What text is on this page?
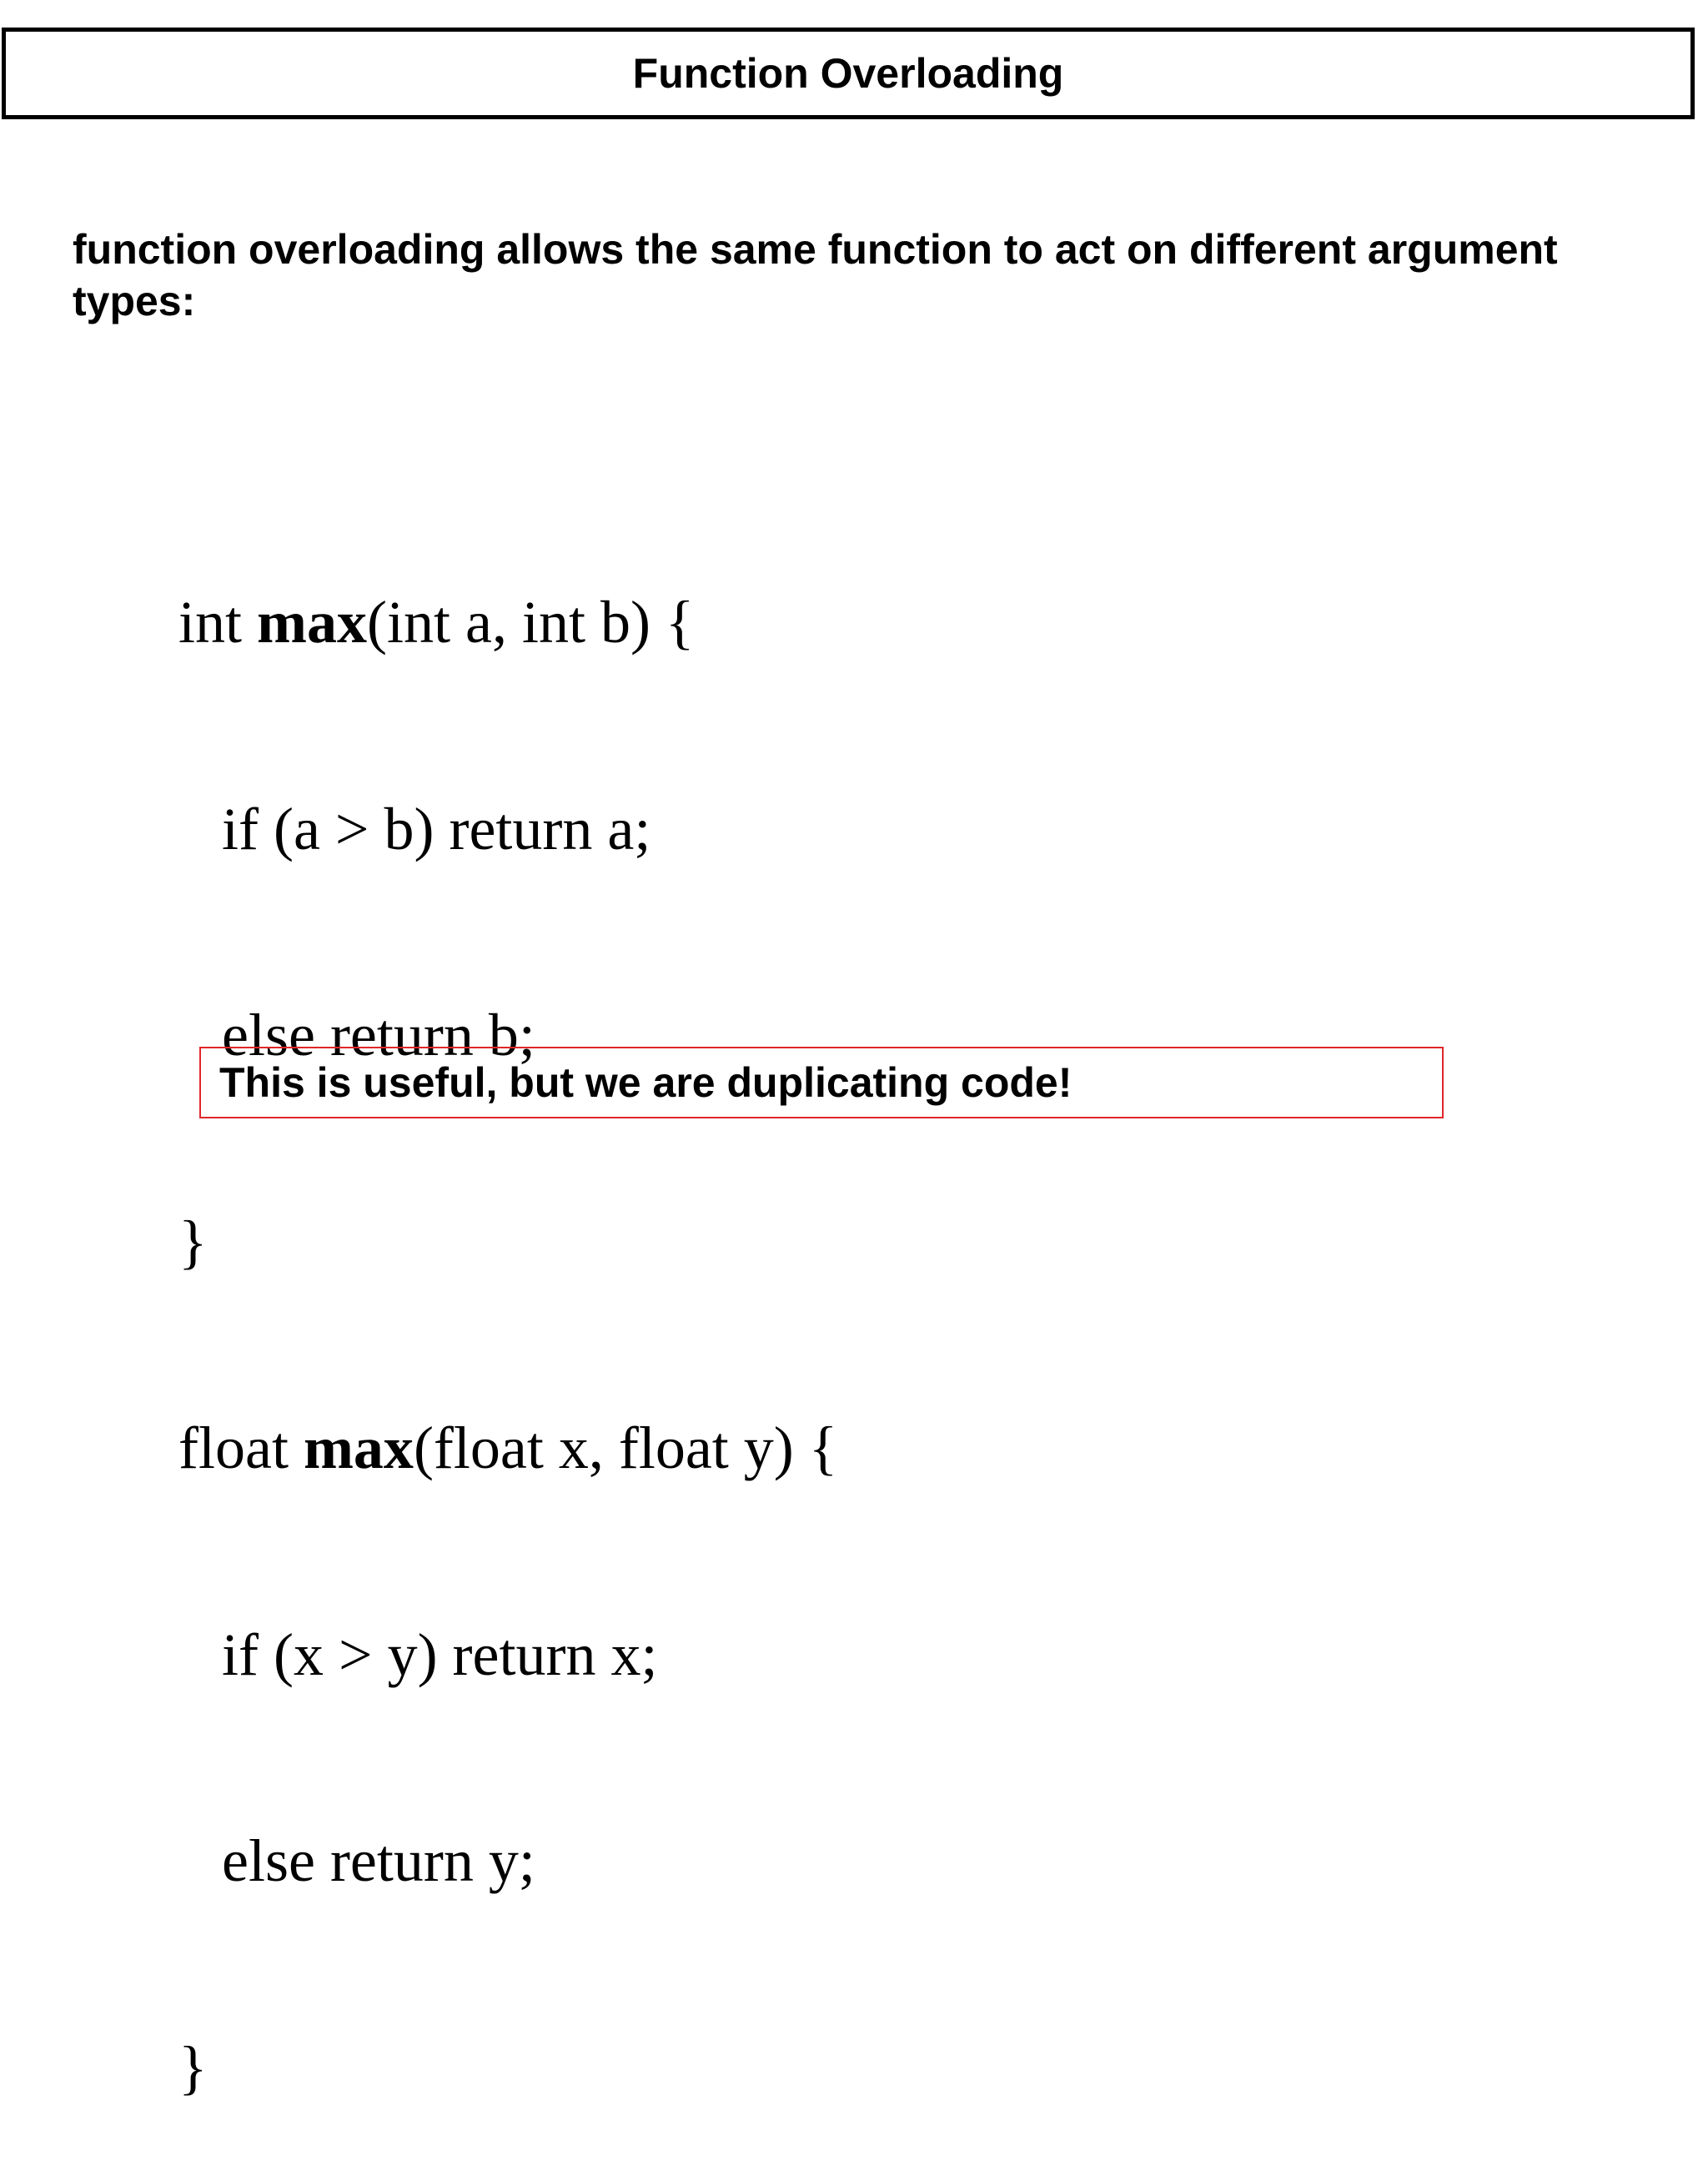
Function Overloading
function overloading allows the same function to act on different argument types:

int max(int a, int b) {

if (a > b) return a;

else return b;

}

float max(float x, float y) {

if (x > y) return x;

else return y;

}

This is useful, but we are duplicating code!
